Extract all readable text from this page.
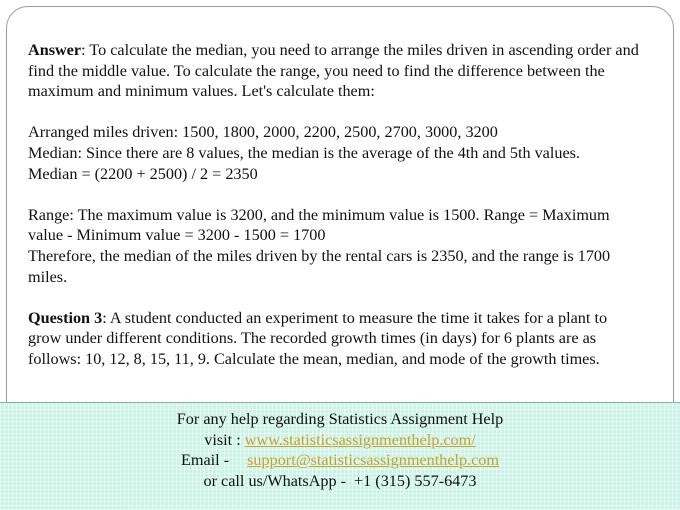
Answer: To calculate the median, you need to arrange the miles driven in ascending order and find the middle value. To calculate the range, you need to find the difference between the maximum and minimum values. Let's calculate them:

Arranged miles driven: 1500, 1800, 2000, 2200, 2500, 2700, 3000, 3200
Median: Since there are 8 values, the median is the average of the 4th and 5th values.
Median = (2200 + 2500) / 2 = 2350

Range: The maximum value is 3200, and the minimum value is 1500. Range = Maximum value - Minimum value = 3200 - 1500 = 1700
Therefore, the median of the miles driven by the rental cars is 2350, and the range is 1700 miles.

Question 3: A student conducted an experiment to measure the time it takes for a plant to grow under different conditions. The recorded growth times (in days) for 6 plants are as follows: 10, 12, 8, 15, 11, 9. Calculate the mean, median, and mode of the growth times.

For any help regarding Statistics Assignment Help
visit : www.statisticsassignmenthelp.com/
Email - support@statisticsassignmenthelp.com
or call us/WhatsApp - +1 (315) 557-6473
